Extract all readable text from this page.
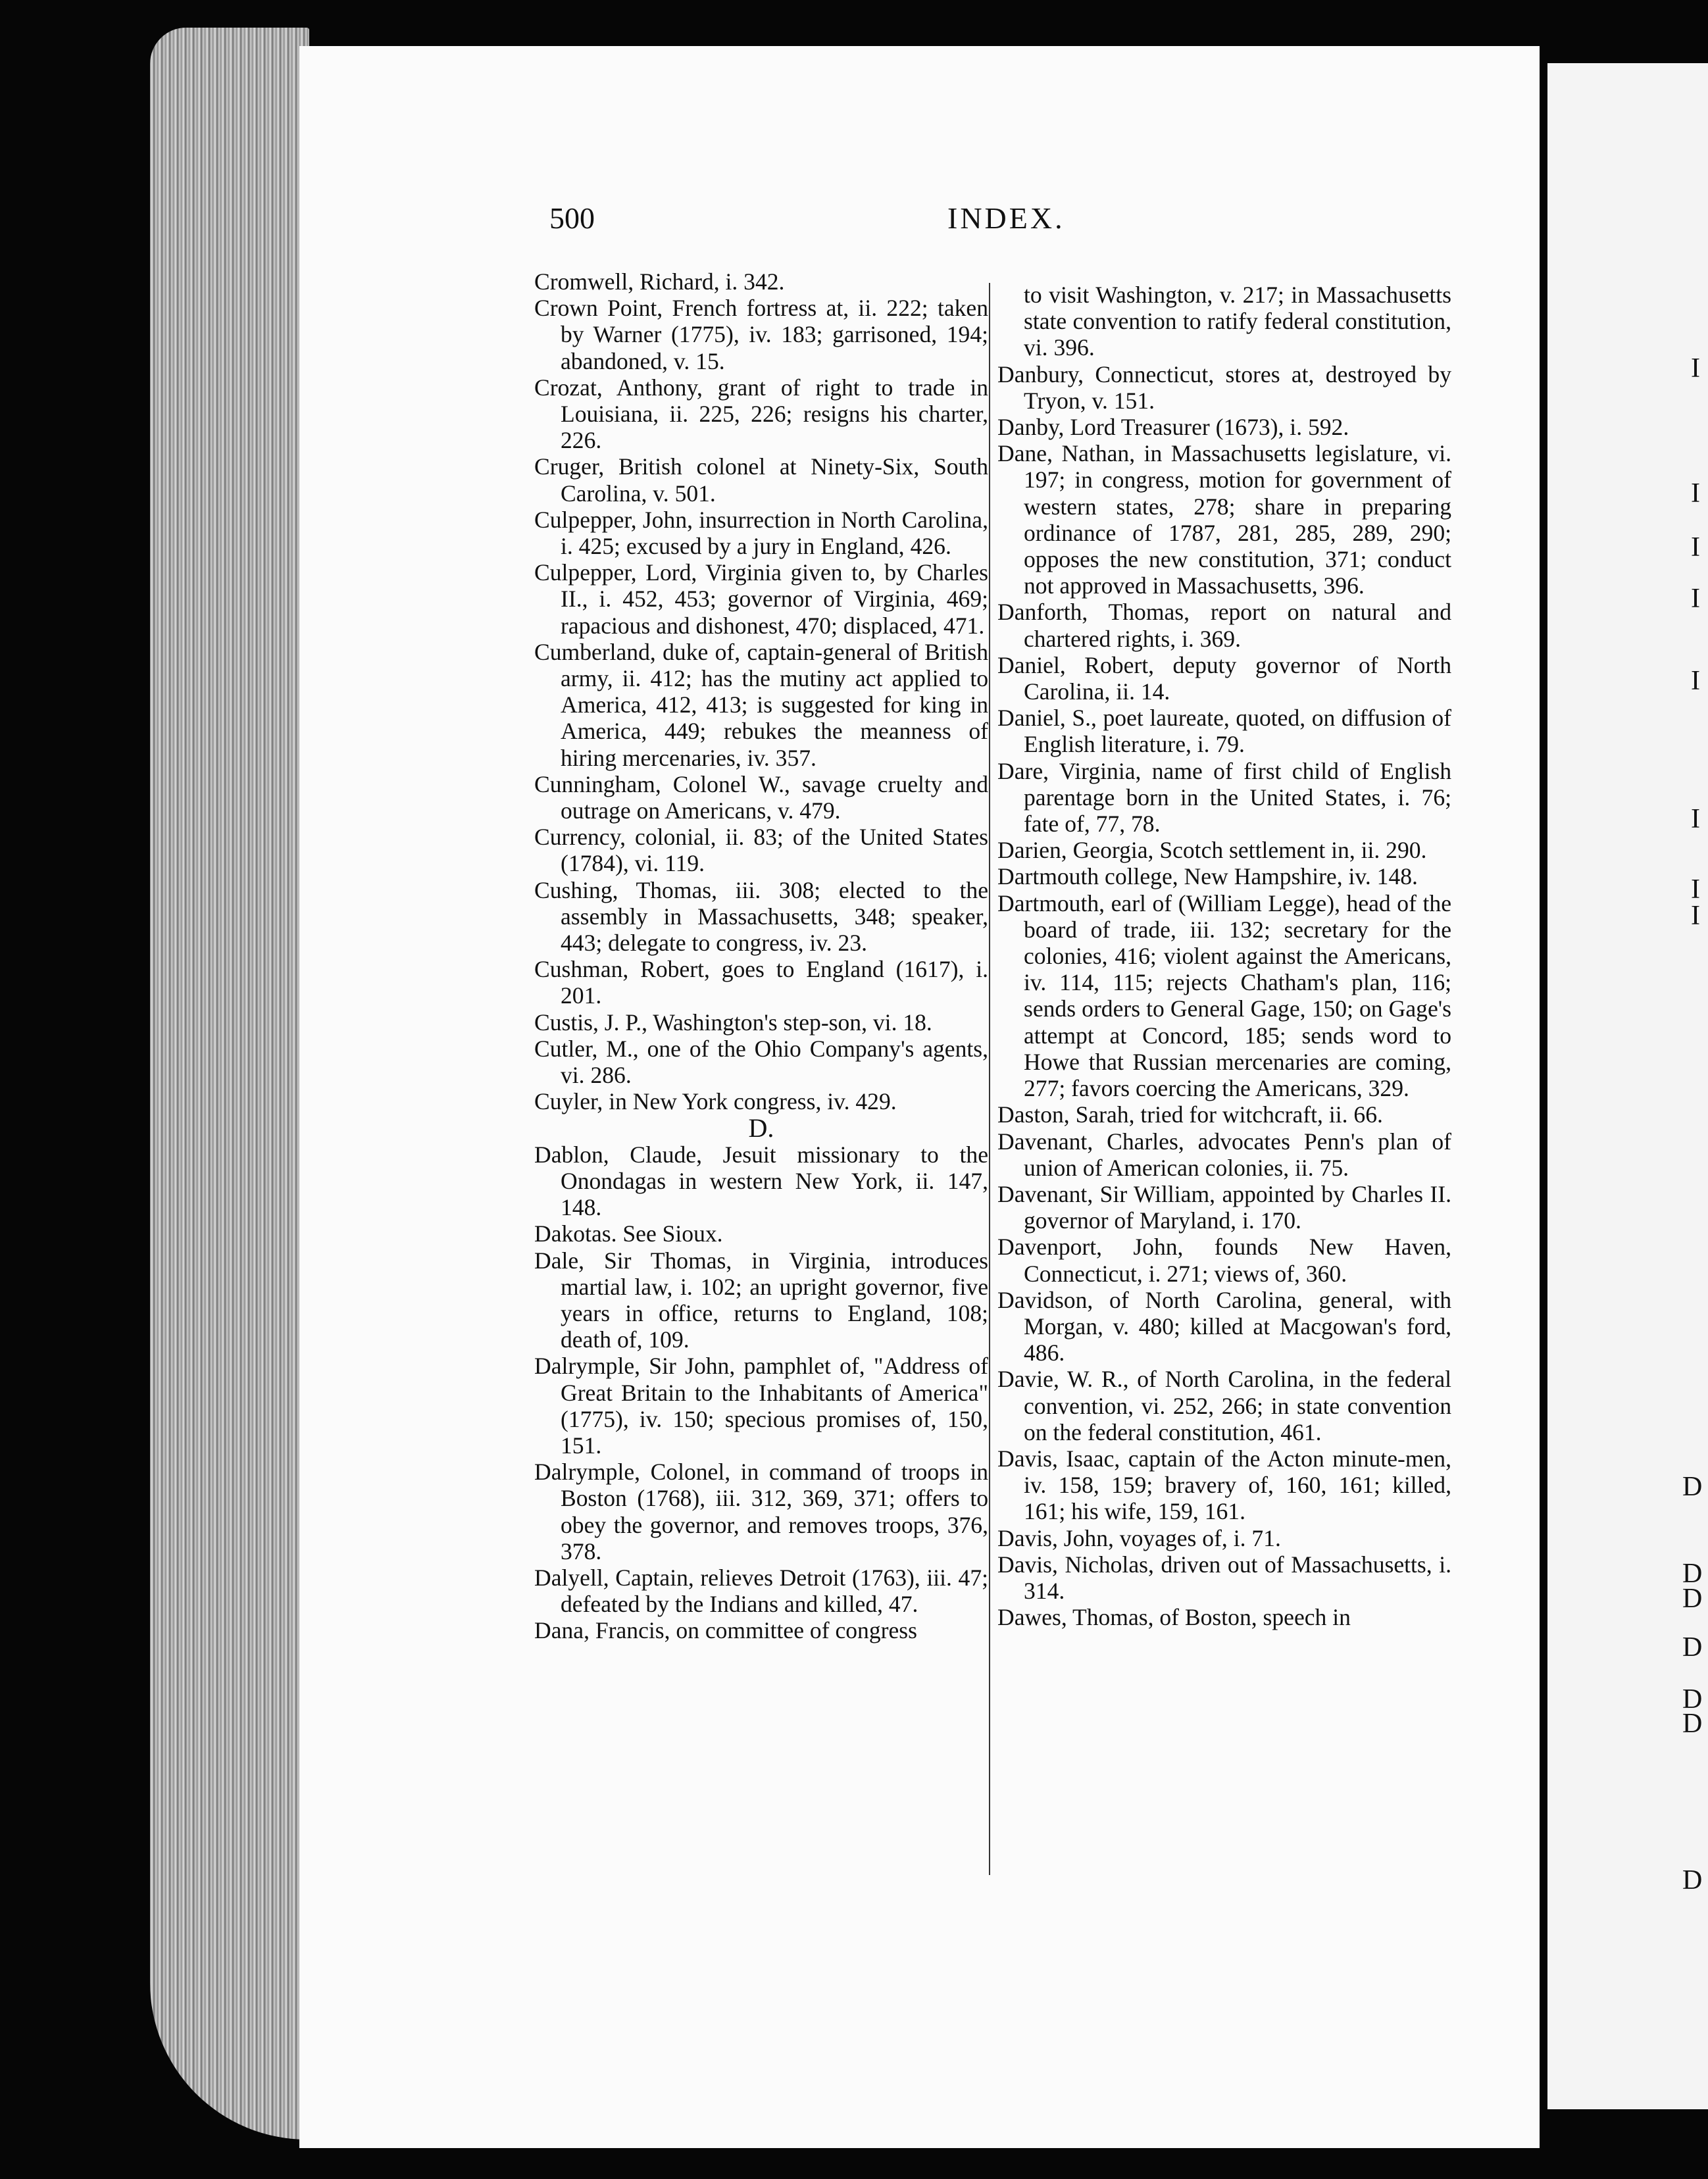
I
I
I
I
I
I
I
I
D
D
D
D
D
D
D
500	INDEX.

Cromwell, Richard, i. 342.

Crown Point, French fortress at, ii. 222; taken by Warner (1775), iv. 183; garrisoned, 194; abandoned, v. 15.

Crozat, Anthony, grant of right to trade in Louisiana, ii. 225, 226; resigns his charter, 226.

Cruger, British colonel at Ninety-Six, South Carolina, v. 501.

Culpepper, John, insurrection in North Carolina, i. 425; excused by a jury in England, 426.

Culpepper, Lord, Virginia given to, by Charles II., i. 452, 453; governor of Virginia, 469; rapacious and dishonest, 470; displaced, 471.

Cumberland, duke of, captain-general of British army, ii. 412; has the mutiny act applied to America, 412, 413; is suggested for king in America, 449; rebukes the meanness of hiring mercenaries, iv. 357.

Cunningham, Colonel W., savage cruelty and outrage on Americans, v. 479.

Currency, colonial, ii. 83; of the United States (1784), vi. 119.

Cushing, Thomas, iii. 308; elected to the assembly in Massachusetts, 348; speaker, 443; delegate to congress, iv. 23.

Cushman, Robert, goes to England (1617), i. 201.

Custis, J. P., Washington's step-son, vi. 18.

Cutler, M., one of the Ohio Company's agents, vi. 286.

Cuyler, in New York congress, iv. 429.

D.

Dablon, Claude, Jesuit missionary to the Onondagas in western New York, ii. 147, 148.

Dakotas. See Sioux.

Dale, Sir Thomas, in Virginia, introduces martial law, i. 102; an upright governor, five years in office, returns to England, 108; death of, 109.

Dalrymple, Sir John, pamphlet of, "Address of Great Britain to the Inhabitants of America" (1775), iv. 150; specious promises of, 150, 151.

Dalrymple, Colonel, in command of troops in Boston (1768), iii. 312, 369, 371; offers to obey the governor, and removes troops, 376, 378.

Dalyell, Captain, relieves Detroit (1763), iii. 47; defeated by the Indians and killed, 47.

Dana, Francis, on committee of congress

to visit Washington, v. 217; in Massachusetts state convention to ratify federal constitution, vi. 396.

Danbury, Connecticut, stores at, destroyed by Tryon, v. 151.

Danby, Lord Treasurer (1673), i. 592.

Dane, Nathan, in Massachusetts legislature, vi. 197; in congress, motion for government of western states, 278; share in preparing ordinance of 1787, 281, 285, 289, 290; opposes the new constitution, 371; conduct not approved in Massachusetts, 396.

Danforth, Thomas, report on natural and chartered rights, i. 369.

Daniel, Robert, deputy governor of North Carolina, ii. 14.

Daniel, S., poet laureate, quoted, on diffusion of English literature, i. 79.

Dare, Virginia, name of first child of English parentage born in the United States, i. 76; fate of, 77, 78.

Darien, Georgia, Scotch settlement in, ii. 290.

Dartmouth college, New Hampshire, iv. 148.

Dartmouth, earl of (William Legge), head of the board of trade, iii. 132; secretary for the colonies, 416; violent against the Americans, iv. 114, 115; rejects Chatham's plan, 116; sends orders to General Gage, 150; on Gage's attempt at Concord, 185; sends word to Howe that Russian mercenaries are coming, 277; favors coercing the Americans, 329.

Daston, Sarah, tried for witchcraft, ii. 66.

Davenant, Charles, advocates Penn's plan of union of American colonies, ii. 75.

Davenant, Sir William, appointed by Charles II. governor of Maryland, i. 170.

Davenport, John, founds New Haven, Connecticut, i. 271; views of, 360.

Davidson, of North Carolina, general, with Morgan, v. 480; killed at Macgowan's ford, 486.

Davie, W. R., of North Carolina, in the federal convention, vi. 252, 266; in state convention on the federal constitution, 461.

Davis, Isaac, captain of the Acton minute-men, iv. 158, 159; bravery of, 160, 161; killed, 161; his wife, 159, 161.

Davis, John, voyages of, i. 71.

Davis, Nicholas, driven out of Massachusetts, i. 314.

Dawes, Thomas, of Boston, speech in
